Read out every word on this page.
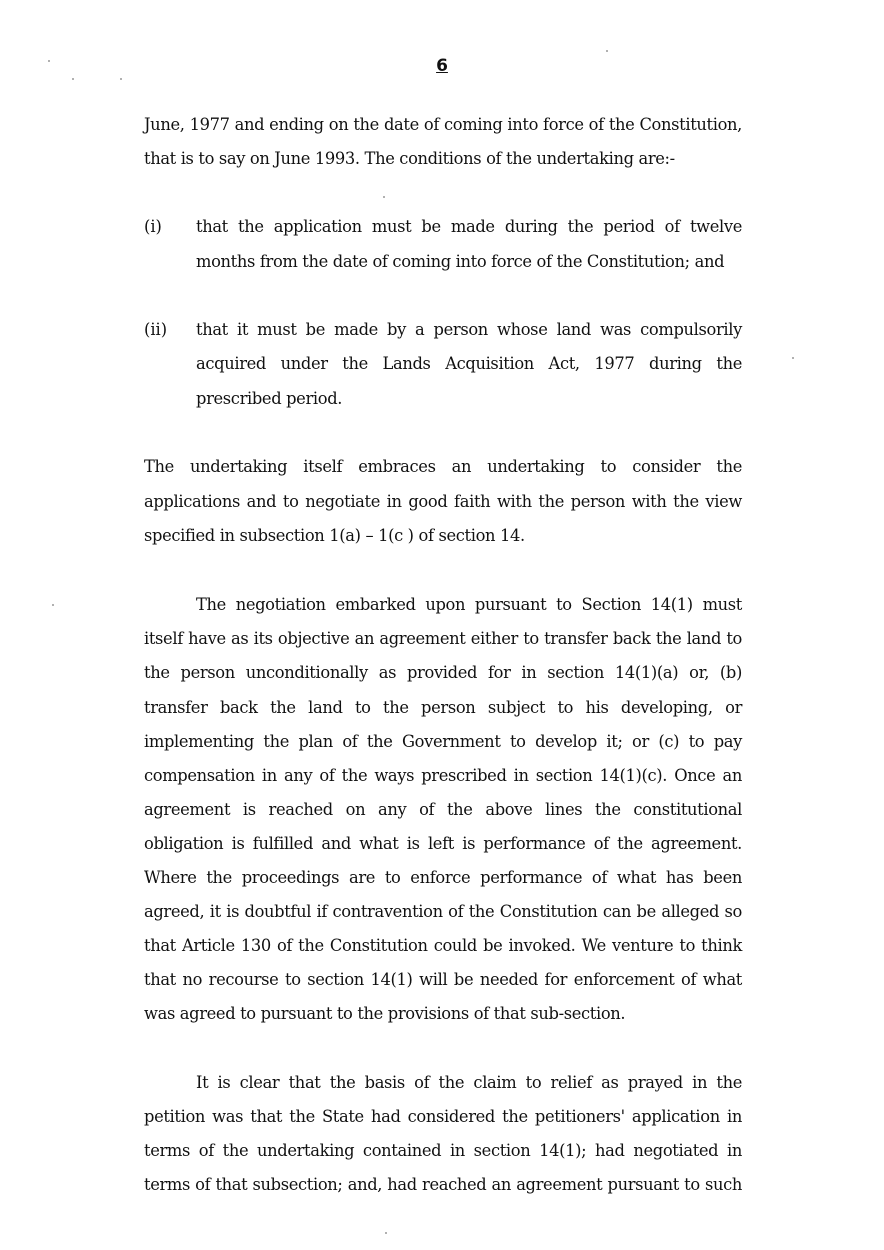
6
June, 1977 and ending on the date of coming into force of the Constitution,
that is to say on June 1993. The conditions of the undertaking are:-
(i) that the application must be made during the period of twelve
months from the date of coming into force of the Constitution; and
(ii) that it must be made by a person whose land was compulsorily
acquired under the Lands Acquisition Act, 1977 during the
prescribed period.
The undertaking itself embraces an undertaking to consider the
applications and to negotiate in good faith with the person with the view
specified in subsection 1(a) – 1(c ) of section 14.
The negotiation embarked upon pursuant to Section 14(1) must
itself have as its objective an agreement either to transfer back the land to
the person unconditionally as provided for in section 14(1)(a) or, (b)
transfer back the land to the person subject to his developing, or
implementing the plan of the Government to develop it; or (c) to pay
compensation in any of the ways prescribed in section 14(1)(c). Once an
agreement is reached on any of the above lines the constitutional
obligation is fulfilled and what is left is performance of the agreement.
Where the proceedings are to enforce performance of what has been
agreed, it is doubtful if contravention of the Constitution can be alleged so
that Article 130 of the Constitution could be invoked. We venture to think
that no recourse to section 14(1) will be needed for enforcement of what
was agreed to pursuant to the provisions of that sub-section.
It is clear that the basis of the claim to relief as prayed in the
petition was that the State had considered the petitioners' application in
terms of the undertaking contained in section 14(1); had negotiated in
terms of that subsection; and, had reached an agreement pursuant to such
